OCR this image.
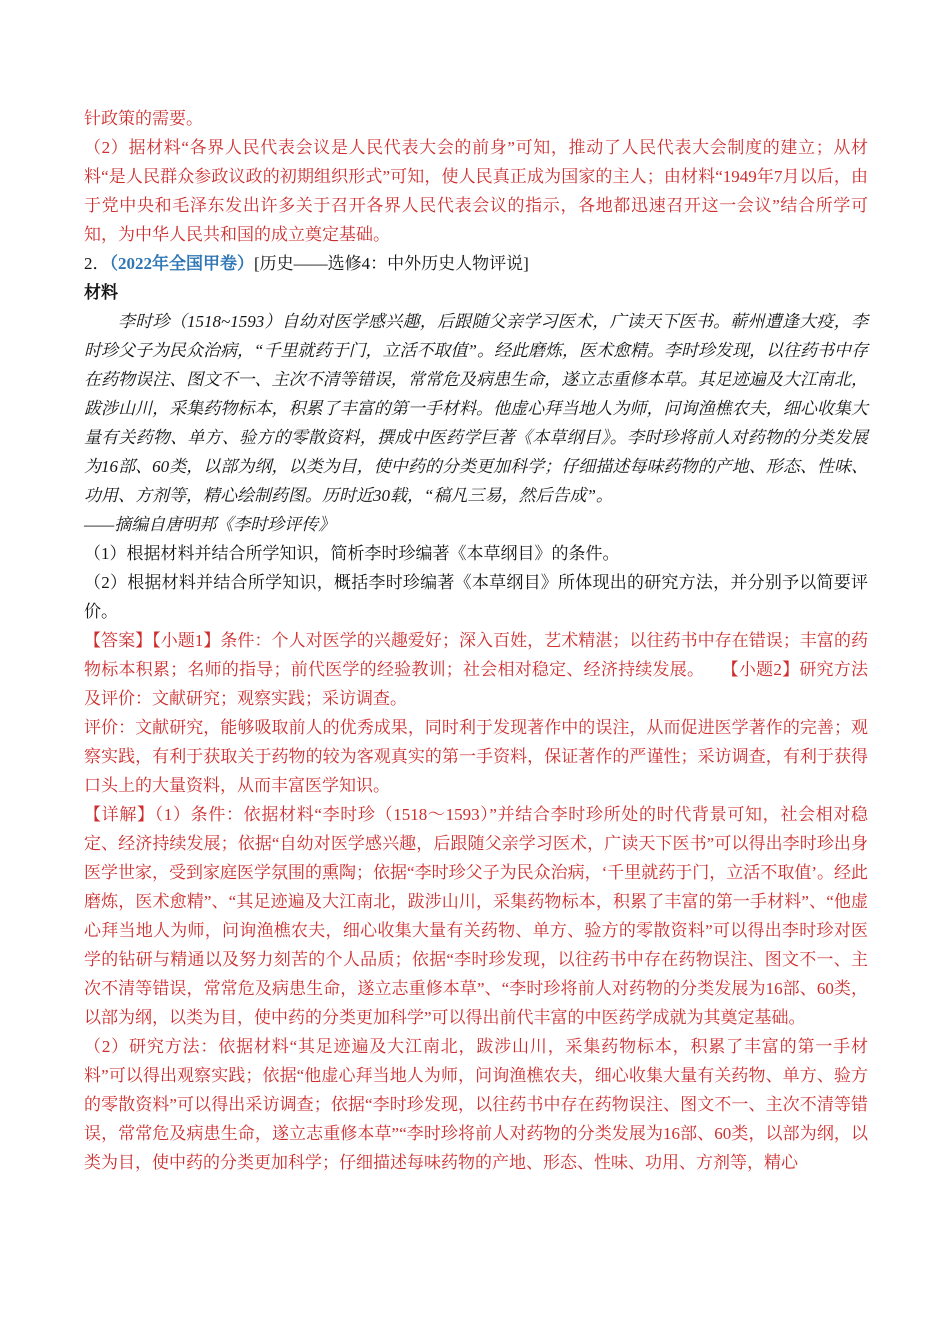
针政策的需要。

（2）据材料“各界人民代表会议是人民代表大会的前身”可知，推动了人民代表大会制度的建立；从材料“是人民群众参政议政的初期组织形式”可知，使人民真正成为国家的主人；由材料“1949年7月以后，由于党中央和毛泽东发出许多关于召开各界人民代表会议的指示，各地都迅速召开这一会议”结合所学可知，为中华人民共和国的成立奠定基础。

2．（2022年全国甲卷）[历史——选修4：中外历史人物评说]

材料

李时珍（1518~1593）自幼对医学感兴趣，后跟随父亲学习医术，广读天下医书。蕲州遭逢大疫，李时珍父子为民众治病，“千里就药于门，立活不取值”。经此磨炼，医术愈精。李时珍发现，以往药书中存在药物误注、图文不一、主次不清等错误，常常危及病患生命，遂立志重修本草。其足迹遍及大江南北，跋涉山川，采集药物标本，积累了丰富的第一手材料。他虚心拜当地人为师，问询渔樵农夫，细心收集大量有关药物、单方、验方的零散资料，撰成中医药学巨著《本草纲目》。李时珍将前人对药物的分类发展为16部、60类，以部为纲，以类为目，使中药的分类更加科学；仔细描述每味药物的产地、形态、性味、功用、方剂等，精心绘制药图。历时近30载，“稿凡三易，然后告成”。

——摘编自唐明邦《李时珍评传》

（1）根据材料并结合所学知识，简析李时珍编著《本草纲目》的条件。

（2）根据材料并结合所学知识，概括李时珍编著《本草纲目》所体现出的研究方法，并分别予以简要评价。

【答案】【小题1】条件：个人对医学的兴趣爱好；深入百姓，艺术精湛；以往药书中存在错误；丰富的药物标本积累；名师的指导；前代医学的经验教训；社会相对稳定、经济持续发展。　　【小题2】研究方法及评价：文献研究；观察实践；采访调查。

评价：文献研究，能够吸取前人的优秀成果，同时利于发现著作中的误注，从而促进医学著作的完善；观察实践，有利于获取关于药物的较为客观真实的第一手资料，保证著作的严谨性；采访调查，有利于获得口头上的大量资料，从而丰富医学知识。

【详解】（1）条件：依据材料“李时珍（1518～1593）”并结合李时珍所处的时代背景可知，社会相对稳定、经济持续发展；依据“自幼对医学感兴趣，后跟随父亲学习医术，广读天下医书”可以得出李时珍出身医学世家，受到家庭医学氛围的熏陶；依据“李时珍父子为民众治病，‘千里就药于门，立活不取值’。经此磨炼，医术愈精”、“其足迹遍及大江南北，跋涉山川，采集药物标本，积累了丰富的第一手材料”、“他虚心拜当地人为师，问询渔樵农夫，细心收集大量有关药物、单方、验方的零散资料”可以得出李时珍对医学的钻研与精通以及努力刻苦的个人品质；依据“李时珍发现，以往药书中存在药物误注、图文不一、主次不清等错误，常常危及病患生命，遂立志重修本草”、“李时珍将前人对药物的分类发展为16部、60类，以部为纲，以类为目，使中药的分类更加科学”可以得出前代丰富的中医药学成就为其奠定基础。

（2）研究方法：依据材料“其足迹遍及大江南北，跋涉山川，采集药物标本，积累了丰富的第一手材料”可以得出观察实践；依据“他虚心拜当地人为师，问询渔樵农夫，细心收集大量有关药物、单方、验方的零散资料”可以得出采访调查；依据“李时珍发现，以往药书中存在药物误注、图文不一、主次不清等错误，常常危及病患生命，遂立志重修本草”“李时珍将前人对药物的分类发展为16部、60类，以部为纲，以类为目，使中药的分类更加科学；仔细描述每味药物的产地、形态、性味、功用、方剂等，精心
